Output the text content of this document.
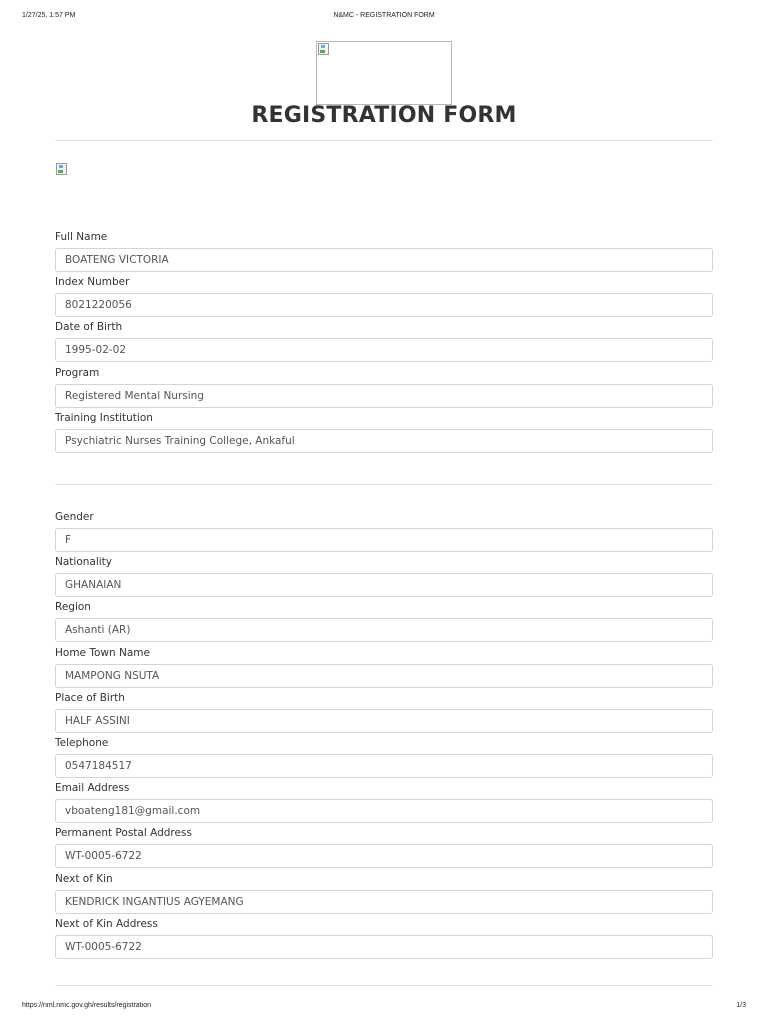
1/27/25, 1:57 PM	N&MC - REGISTRATION FORM
REGISTRATION FORM
Full Name
BOATENG VICTORIA
Index Number
8021220056
Date of Birth
1995-02-02
Program
Registered Mental Nursing
Training Institution
Psychiatric Nurses Training College, Ankaful
Gender
F
Nationality
GHANAIAN
Region
Ashanti (AR)
Home Town Name
MAMPONG NSUTA
Place of Birth
HALF ASSINI
Telephone
0547184517
Email Address
vboateng181@gmail.com
Permanent Postal Address
WT-0005-6722
Next of Kin
KENDRICK INGANTIUS AGYEMANG
Next of Kin Address
WT-0005-6722
https://nml.nmc.gov.gh/results/registration	1/3
